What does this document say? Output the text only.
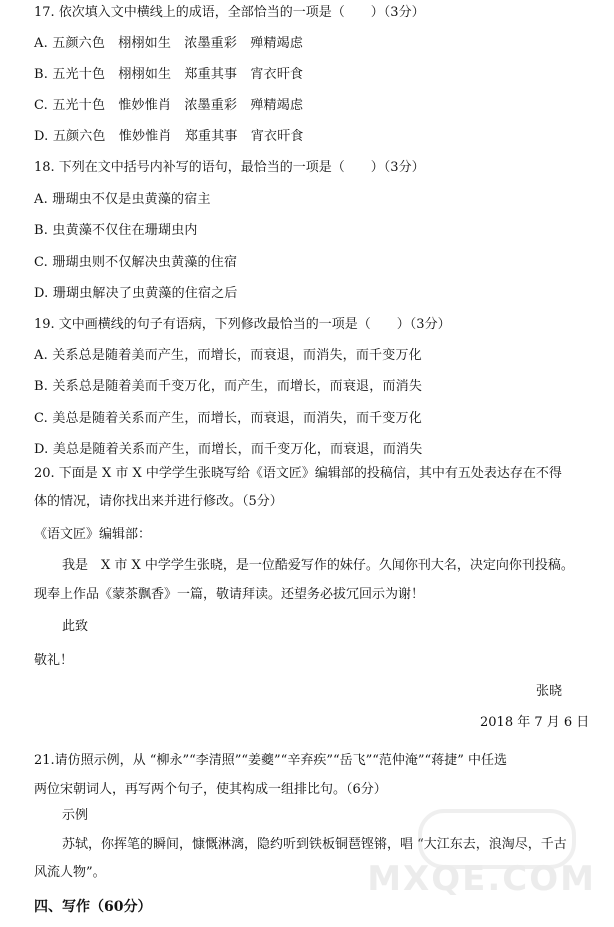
17. 依次填入文中横线上的成语，全部恰当的一项是（　　）（3分）
A. 五颜六色　栩栩如生　浓墨重彩　殚精竭虑
B. 五光十色　栩栩如生　郑重其事　宵衣旰食
C. 五光十色　惟妙惟肖　浓墨重彩　殚精竭虑
D. 五颜六色　惟妙惟肖　郑重其事　宵衣旰食
18. 下列在文中括号内补写的语句，最恰当的一项是（　　）（3分）
A. 珊瑚虫不仅是虫黄藻的宿主
B. 虫黄藻不仅住在珊瑚虫内
C. 珊瑚虫则不仅解决虫黄藻的住宿
D. 珊瑚虫解决了虫黄藻的住宿之后
19. 文中画横线的句子有语病，下列修改最恰当的一项是（　　）（3分）
A. 关系总是随着美而产生，而增长，而衰退，而消失，而千变万化
B. 关系总是随着美而千变万化，而产生，而增长，而衰退，而消失
C. 美总是随着关系而产生，而增长，而衰退，而消失，而千变万化
D. 美总是随着关系而产生，而增长，而千变万化，而衰退，而消失
20. 下面是 X 市 X 中学学生张晓写给《语文匠》编辑部的投稿信，其中有五处表达存在不得
体的情况，请你找出来并进行修改。（5分）
《语文匠》编辑部：
我是　X 市 X 中学学生张晓，是一位酷爱写作的妹仔。久闻你刊大名，决定向你刊投稿。
现奉上作品《蒙茶飘香》一篇，敬请拜读。还望务必拔冗回示为谢！
此致
敬礼！
张晓
2018 年 7 月 6 日
21.请仿照示例，从 “柳永”“李清照”“姜夔”“辛弃疾”“岳飞”“范仲淹”“蒋捷” 中任选
两位宋朝词人，再写两个句子，使其构成一组排比句。（6分）
示例
苏轼，你挥笔的瞬间，慷慨淋漓，隐约听到铁板铜琶铿锵，唱 “大江东去，浪淘尽，千古
风流人物”。
四、写作（60分）
MXQE.COM
